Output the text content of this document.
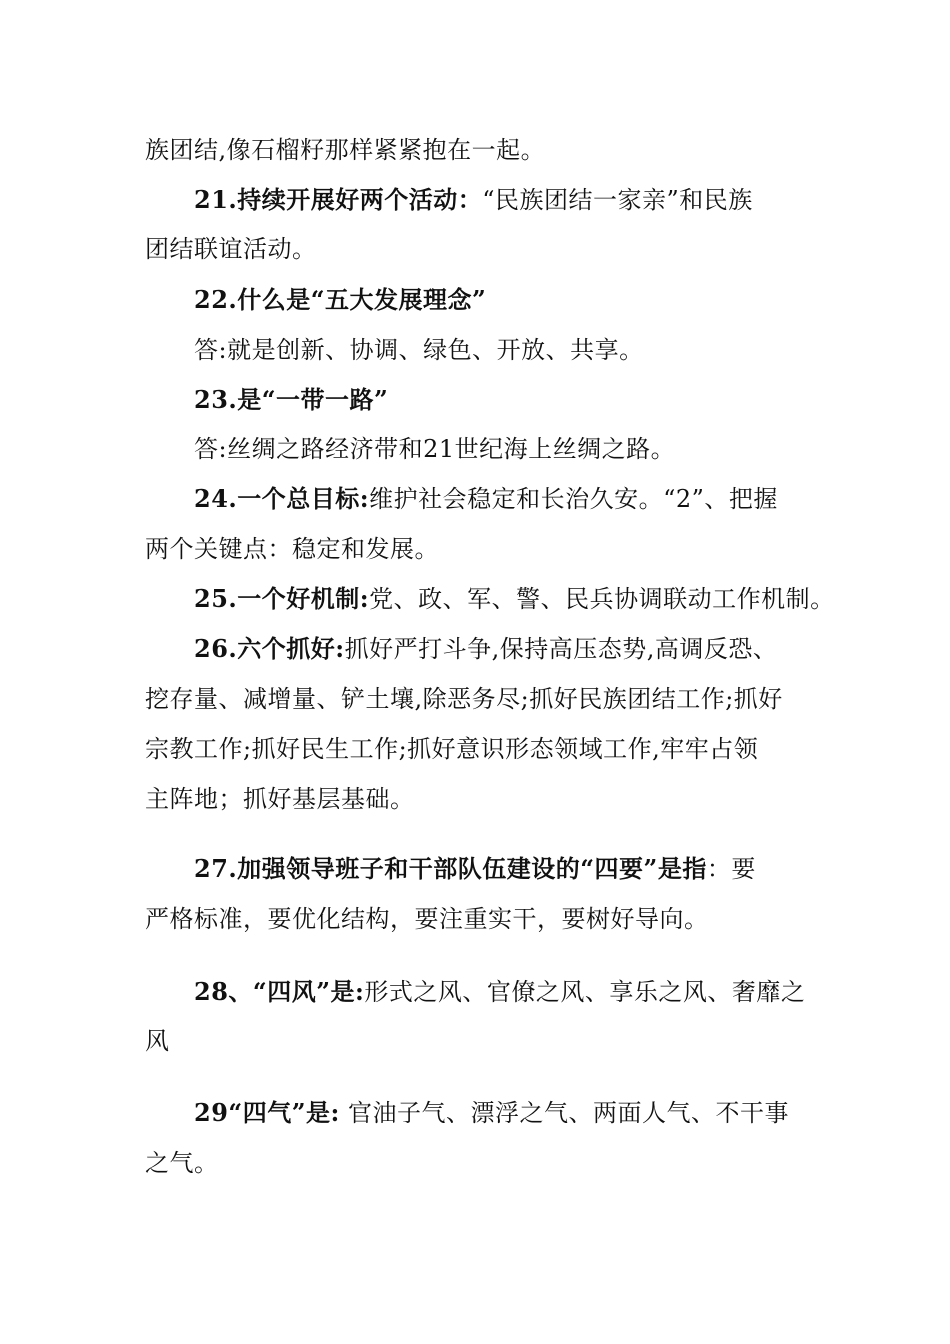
族团结,像石榴籽那样紧紧抱在一起。
21.持续开展好两个活动：“民族团结一家亲”和民族
团结联谊活动。
22.什么是“五大发展理念”
答:就是创新、协调、绿色、开放、共享。
23.是“一带一路”
答:丝绸之路经济带和21世纪海上丝绸之路。
24.一个总目标:维护社会稳定和长治久安。“2”、把握
两个关键点：稳定和发展。
25.一个好机制:党、政、军、警、民兵协调联动工作机制。
26.六个抓好:抓好严打斗争,保持高压态势,高调反恐、
挖存量、减增量、铲土壤,除恶务尽;抓好民族团结工作;抓好
宗教工作;抓好民生工作;抓好意识形态领域工作,牢牢占领
主阵地；抓好基层基础。
27.加强领导班子和干部队伍建设的“四要”是指：要
严格标准，要优化结构，要注重实干，要树好导向。
28、“四风”是:形式之风、官僚之风、享乐之风、奢靡之
风
29“四气”是: 官油子气、漂浮之气、两面人气、不干事
之气。
